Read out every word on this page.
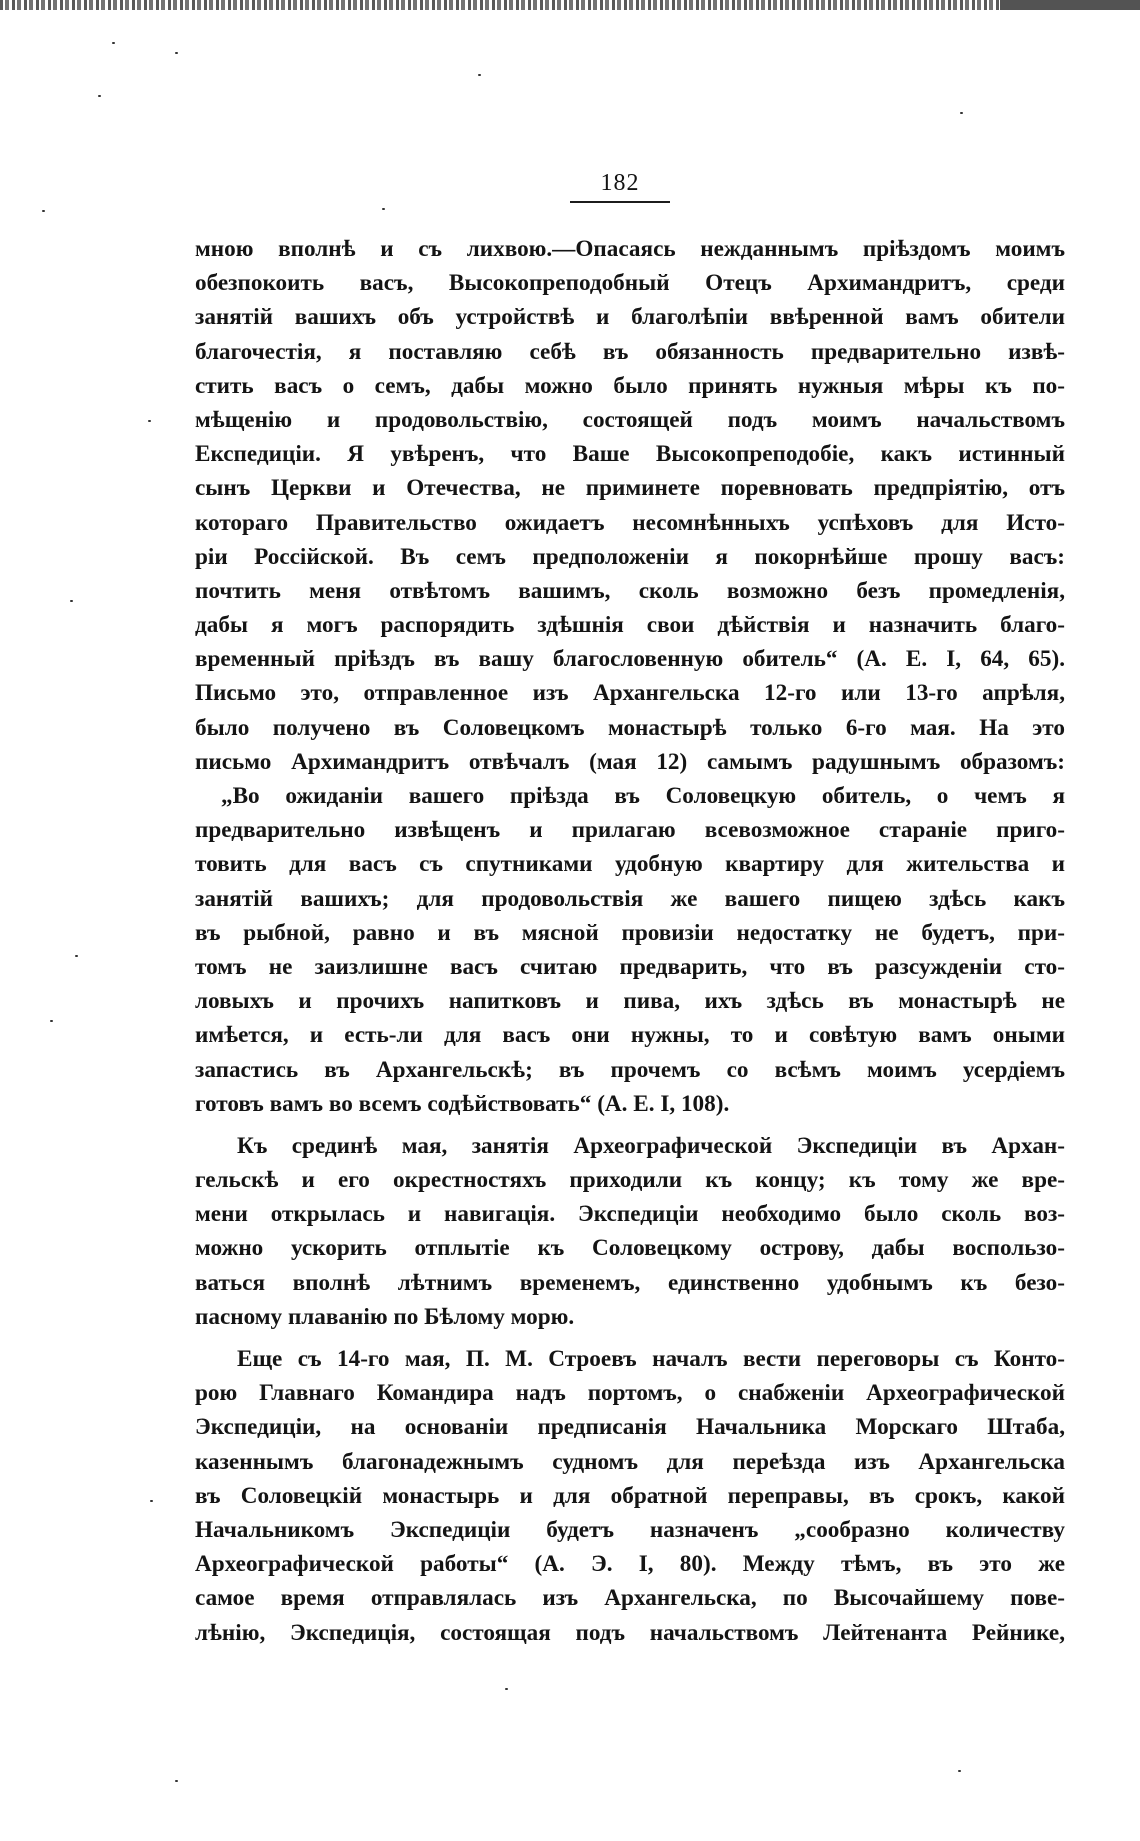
182
мною вполнѣ и съ лихвою.—Опасаясь нежданнымъ пріѣздомъ моимъ
обезпокоить васъ, Высокопреподобный Отецъ Архимандритъ, среди
занятій вашихъ объ устройствѣ и благолѣпіи ввѣренной вамъ обители
благочестія, я поставляю себѣ въ обязанность предварительно извѣ-
стить васъ о семъ, дабы можно было принять нужныя мѣры къ по-
мѣщенію и продовольствію, состоящей подъ моимъ начальствомъ
Експедиціи. Я увѣренъ, что Ваше Высокопреподобіе, какъ истинный
сынъ Церкви и Отечества, не приминете поревновать предпріятію, отъ
котораго Правительство ожидаетъ несомнѣнныхъ успѣховъ для Исто-
ріи Россійской. Въ семъ предположеніи я покорнѣйше прошу васъ:
почтить меня отвѣтомъ вашимъ, сколь возможно безъ промедленія,
дабы я могъ распорядить здѣшнія свои дѣйствія и назначить благо-
временный пріѣздъ въ вашу благословенную обитель“ (А. Е. I, 64, 65).
Письмо это, отправленное изъ Архангельска 12-го или 13-го апрѣля,
было получено въ Соловецкомъ монастырѣ только 6-го мая. На это
письмо Архимандритъ отвѣчалъ (мая 12) самымъ радушнымъ образомъ:
„Во ожиданіи вашего пріѣзда въ Соловецкую обитель, о чемъ я
предварительно извѣщенъ и прилагаю всевозможное стараніе приго-
товить для васъ съ спутниками удобную квартиру для жительства и
занятій вашихъ; для продовольствія же вашего пищею здѣсь какъ
въ рыбной, равно и въ мясной провизіи недостатку не будетъ, при-
томъ не заизлишне васъ считаю предварить, что въ разсужденіи сто-
ловыхъ и прочихъ напитковъ и пива, ихъ здѣсь въ монастырѣ не
имѣется, и есть-ли для васъ они нужны, то и совѣтую вамъ оными
запастись въ Архангельскѣ; въ прочемъ со всѣмъ моимъ усердіемъ
готовъ вамъ во всемъ содѣйствовать“ (А. Е. I, 108).
Къ срединѣ мая, занятія Археографической Экспедиціи въ Архан-
гельскѣ и его окрестностяхъ приходили къ концу; къ тому же вре-
мени открылась и навигація. Экспедиціи необходимо было сколь воз-
можно ускорить отплытіе къ Соловецкому острову, дабы воспользо-
ваться вполнѣ лѣтнимъ временемъ, единственно удобнымъ къ безо-
пасному плаванію по Бѣлому морю.
Еще съ 14-го мая, П. М. Строевъ началъ вести переговоры съ Конто-
рою Главнаго Командира надъ портомъ, о снабженіи Археографической
Экспедиціи, на основаніи предписанія Начальника Морскаго Штаба,
казеннымъ благонадежнымъ судномъ для переѣзда изъ Архангельска
въ Соловецкій монастырь и для обратной переправы, въ срокъ, какой
Начальникомъ Экспедиціи будетъ назначенъ „сообразно количеству
Археографической работы“ (А. Э. I, 80). Между тѣмъ, въ это же
самое время отправлялась изъ Архангельска, по Высочайшему пове-
лѣнію, Экспедиція, состоящая подъ начальствомъ Лейтенанта Рейнике,
